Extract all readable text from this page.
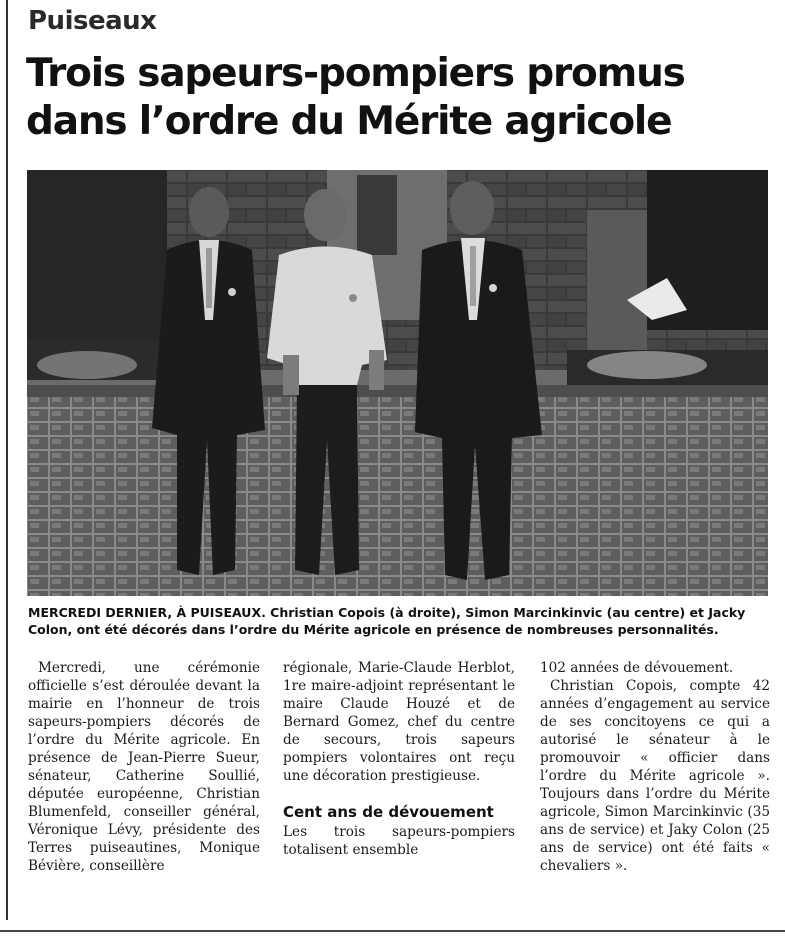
Puiseaux
Trois sapeurs-pompiers promus dans l’ordre du Mérite agricole
MERCREDI DERNIER, À PUISEAUX. Christian Copois (à droite), Simon Marcinkinvic (au centre) et Jacky Colon, ont été décorés dans l’ordre du Mérite agricole en présence de nombreuses personnalités.

Mercredi, une cérémonie officielle s’est déroulée devant la mairie en l’honneur de trois sapeurs-pompiers décorés de l’ordre du Mérite agricole. En présence de Jean-Pierre Sueur, sénateur, Catherine Soullié, députée européenne, Christian Blumenfeld, conseiller général, Véronique Lévy, présidente des Terres puiseautines, Monique Bévière, conseillère

régionale, Marie-Claude Herblot, 1re maire-adjoint représentant le maire Claude Houzé et de Bernard Gomez, chef du centre de secours, trois sapeurs pompiers volontaires ont reçu une décoration prestigieuse.

Cent ans de dévouement

Les trois sapeurs-pompiers totalisent ensemble

102 années de dévouement.

Christian Copois, compte 42 années d’engagement au service de ses concitoyens ce qui a autorisé le sénateur à le promouvoir « officier dans l’ordre du Mérite agricole ». Toujours dans l’ordre du Mérite agricole, Simon Marcinkinvic (35 ans de service) et Jaky Colon (25 ans de service) ont été faits « chevaliers ».
